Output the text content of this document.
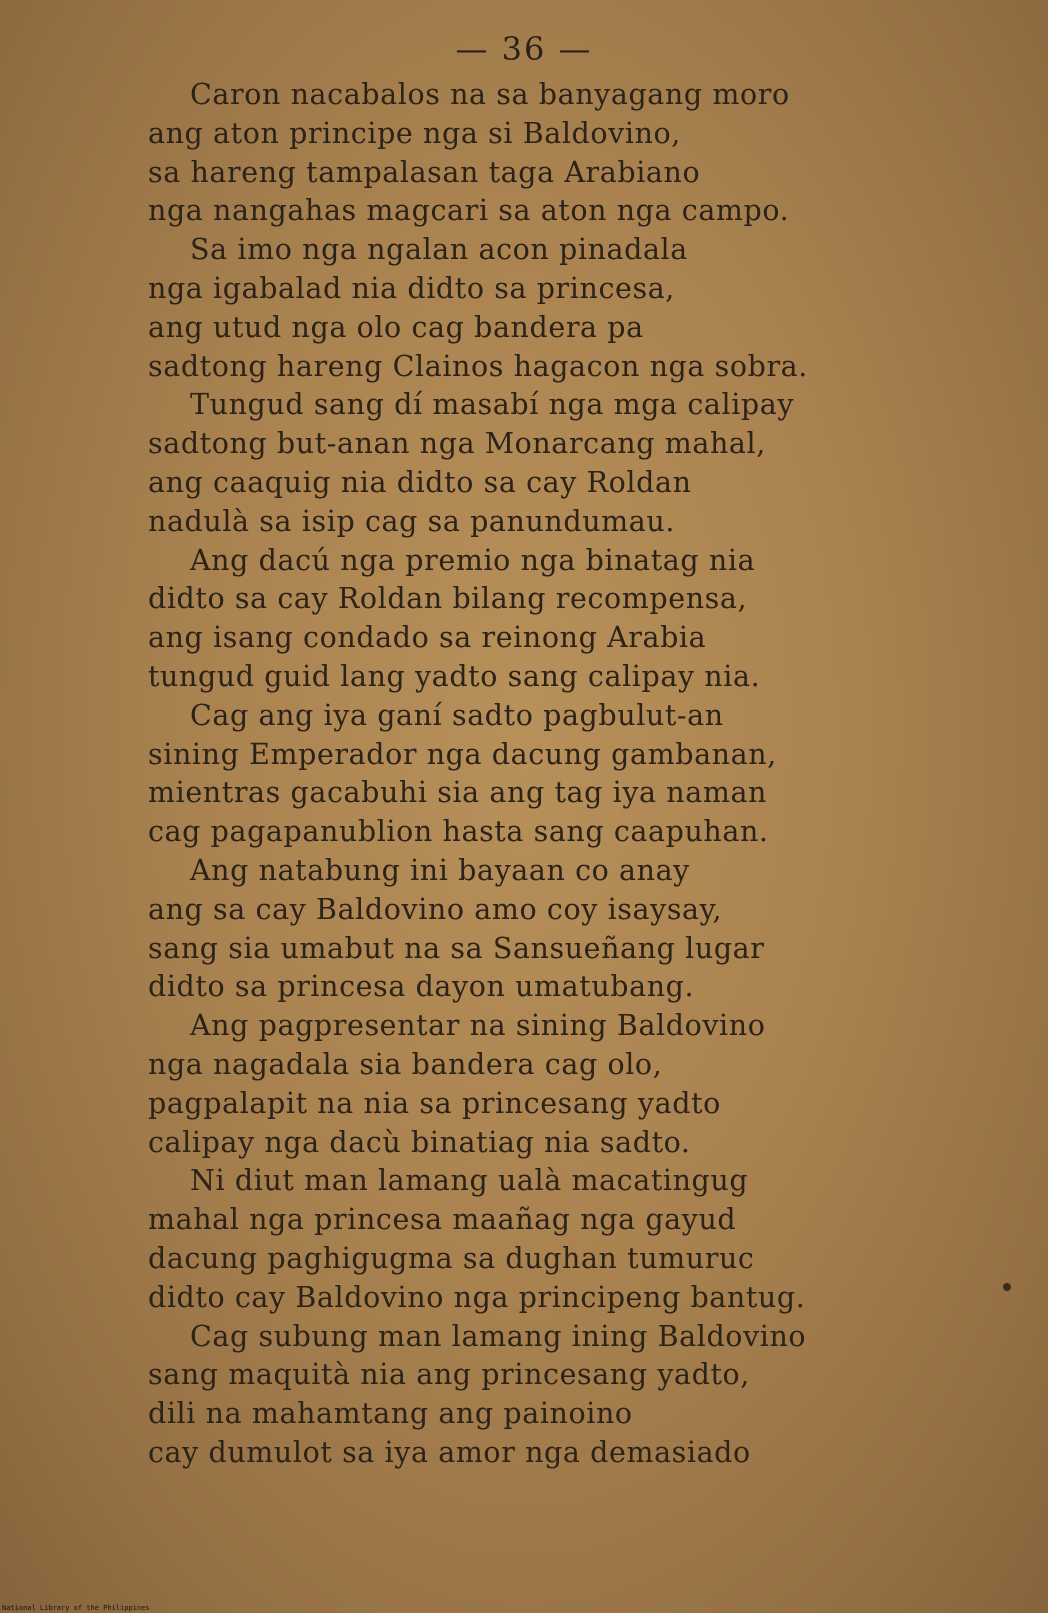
— 36 —
Caron nacabalos na sa banyagang moro
ang aton principe nga si Baldovino,
sa hareng tampalasan taga Arabiano
nga nangahas magcari sa aton nga campo.
Sa imo nga ngalan acon pinadala
nga igabalad nia didto sa princesa,
ang utud nga olo cag bandera pa
sadtong hareng Clainos hagacon nga sobra.
Tungud sang dí masabí nga mga calipay
sadtong but-anan nga Monarcang mahal,
ang caaquig nia didto sa cay Roldan
nadulà sa isip cag sa panundumau.
Ang dacú nga premio nga binatag nia
didto sa cay Roldan bilang recompensa,
ang isang condado sa reinong Arabia
tungud guid lang yadto sang calipay nia.
Cag ang iya ganí sadto pagbulut-an
sining Emperador nga dacung gambanan,
mientras gacabuhi sia ang tag iya naman
cag pagapanublion hasta sang caapuhan.
Ang natabung ini bayaan co anay
ang sa cay Baldovino amo coy isaysay,
sang sia umabut na sa Sansueñang lugar
didto sa princesa dayon umatubang.
Ang pagpresentar na sining Baldovino
nga nagadala sia bandera cag olo,
pagpalapit na nia sa princesang yadto
calipay nga dacù binatiag nia sadto.
Ni diut man lamang ualà macatingug
mahal nga princesa maañag nga gayud
dacung paghigugma sa dughan tumuruc
didto cay Baldovino nga principeng bantug.
Cag subung man lamang ining Baldovino
sang maquità nia ang princesang yadto,
dili na mahamtang ang painoino
cay dumulot sa iya amor nga demasiado
National Library of the Philippines
